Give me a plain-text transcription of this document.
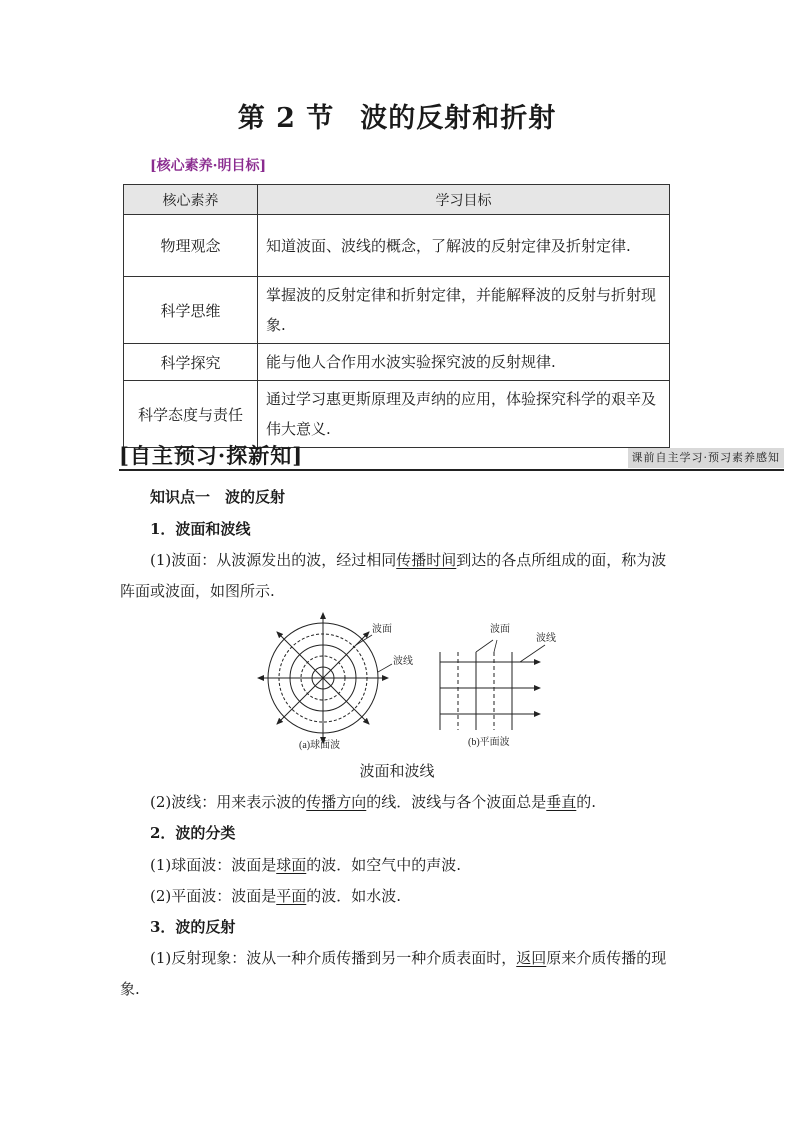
第 2 节 波的反射和折射
[核心素养·明目标]
核心素养	学习目标
物理观念	知道波面、波线的概念，了解波的反射定律及折射定律.
科学思维	掌握波的反射定律和折射定律，并能解释波的反射与折射现象.
科学探究	能与他人合作用水波实验探究波的反射规律.
科学态度与责任	通过学习惠更斯原理及声纳的应用，体验探究科学的艰辛及伟大意义.
[自主预习·探新知]	课前自主学习·预习素养感知
知识点一　波的反射
1．波面和波线
(1)波面：从波源发出的波，经过相同传播时间到达的各点所组成的面，称为波阵面或波面，如图所示.
波面
波线
(a)球面波
波面
波线
(b)平面波
波面和波线
(2)波线：用来表示波的传播方向的线．波线与各个波面总是垂直的.
2．波的分类
(1)球面波：波面是球面的波．如空气中的声波.
(2)平面波：波面是平面的波．如水波.
3．波的反射
(1)反射现象：波从一种介质传播到另一种介质表面时，返回原来介质传播的现象.
